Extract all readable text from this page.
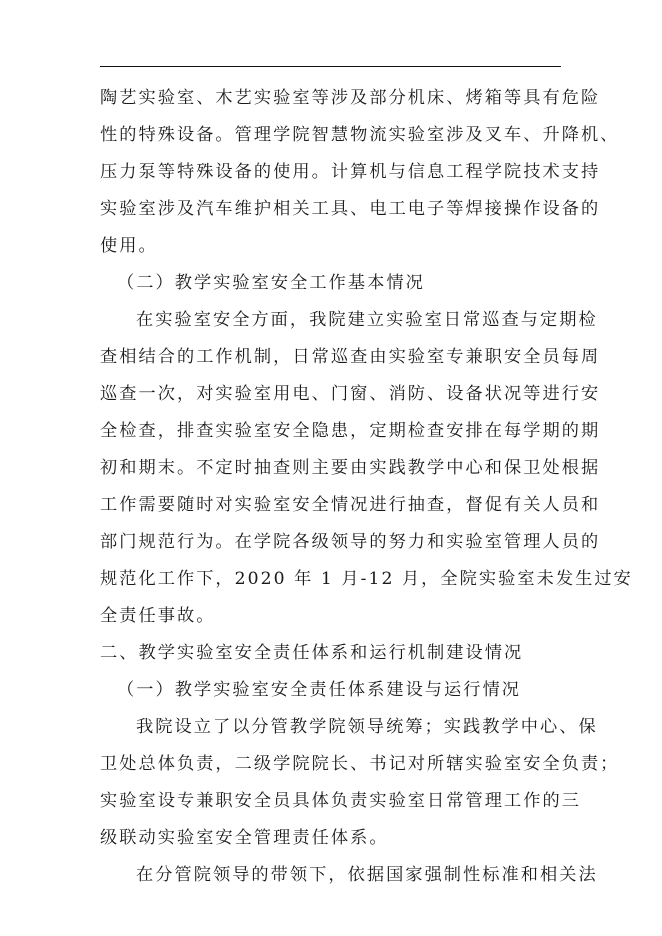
陶艺实验室、木艺实验室等涉及部分机床、烤箱等具有危险
性的特殊设备。管理学院智慧物流实验室涉及叉车、升降机、
压力泵等特殊设备的使用。计算机与信息工程学院技术支持
实验室涉及汽车维护相关工具、电工电子等焊接操作设备的
使用。
（二）教学实验室安全工作基本情况
在实验室安全方面，我院建立实验室日常巡查与定期检
查相结合的工作机制，日常巡查由实验室专兼职安全员每周
巡查一次，对实验室用电、门窗、消防、设备状况等进行安
全检查，排查实验室安全隐患，定期检查安排在每学期的期
初和期末。不定时抽查则主要由实践教学中心和保卫处根据
工作需要随时对实验室安全情况进行抽查，督促有关人员和
部门规范行为。在学院各级领导的努力和实验室管理人员的
规范化工作下，2020 年 1 月-12 月，全院实验室未发生过安
全责任事故。
二、教学实验室安全责任体系和运行机制建设情况
（一）教学实验室安全责任体系建设与运行情况
我院设立了以分管教学院领导统筹；实践教学中心、保
卫处总体负责，二级学院院长、书记对所辖实验室安全负责；
实验室设专兼职安全员具体负责实验室日常管理工作的三
级联动实验室安全管理责任体系。
在分管院领导的带领下，依据国家强制性标准和相关法
